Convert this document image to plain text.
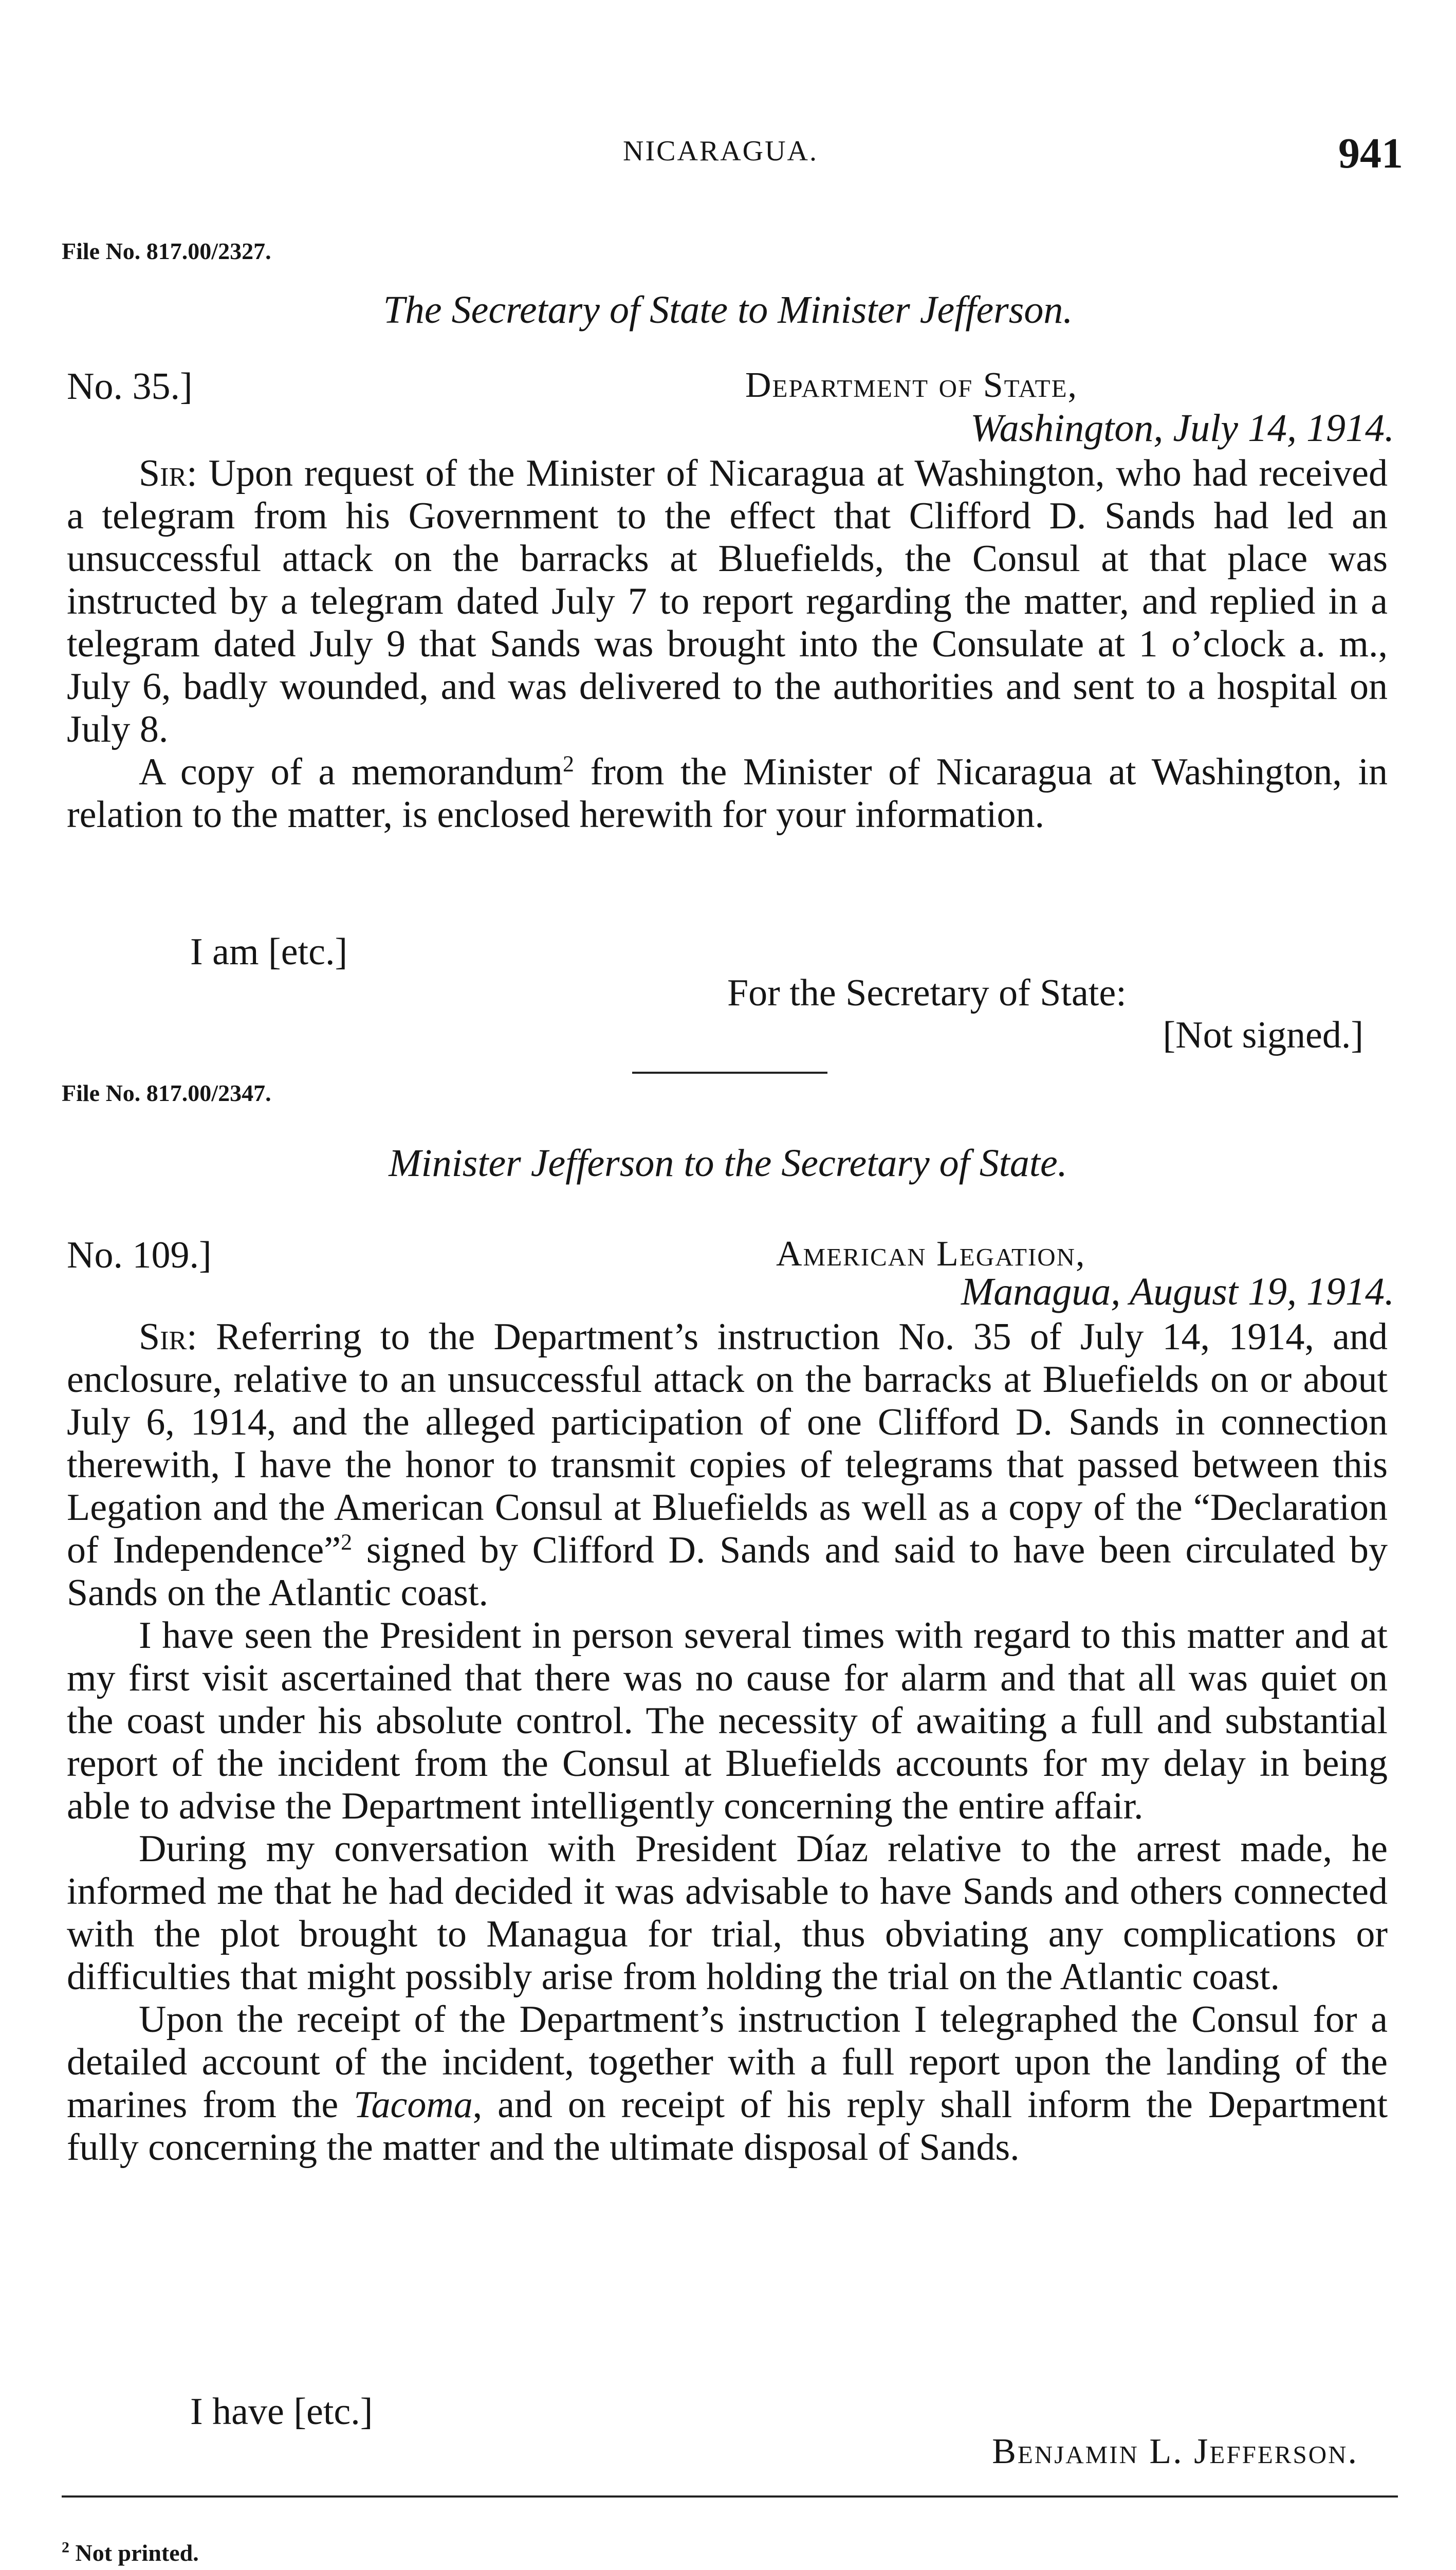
NICARAGUA.	941
File No. 817.00/2327.
The Secretary of State to Minister Jefferson.
No. 35.]	Department of State,
Washington, July 14, 1914.

Sir: Upon request of the Minister of Nicaragua at Washington, who had received a telegram from his Government to the effect that Clifford D. Sands had led an unsuccessful attack on the barracks at Bluefields, the Consul at that place was instructed by a telegram dated July 7 to report regarding the matter, and replied in a telegram dated July 9 that Sands was brought into the Consulate at 1 o’clock a. m., July 6, badly wounded, and was delivered to the authorities and sent to a hospital on July 8.

A copy of a memorandum$^2$ from the Minister of Nicaragua at Washington, in relation to the matter, is enclosed herewith for your information.

I am [etc.]
For the Secretary of State:
[Not signed.]
File No. 817.00/2347.
Minister Jefferson to the Secretary of State.
No. 109.]	American Legation,
Managua, August 19, 1914.

Sir: Referring to the Department’s instruction No. 35 of July 14, 1914, and enclosure, relative to an unsuccessful attack on the barracks at Bluefields on or about July 6, 1914, and the alleged participation of one Clifford D. Sands in connection therewith, I have the honor to transmit copies of telegrams that passed between this Legation and the American Consul at Bluefields as well as a copy of the “Declaration of Independence”$^2$ signed by Clifford D. Sands and said to have been circulated by Sands on the Atlantic coast.

I have seen the President in person several times with regard to this matter and at my first visit ascertained that there was no cause for alarm and that all was quiet on the coast under his absolute control. The necessity of awaiting a full and substantial report of the incident from the Consul at Bluefields accounts for my delay in being able to advise the Department intelligently concerning the entire affair.

During my conversation with President Díaz relative to the arrest made, he informed me that he had decided it was advisable to have Sands and others connected with the plot brought to Managua for trial, thus obviating any complications or difficulties that might possibly arise from holding the trial on the Atlantic coast.

Upon the receipt of the Department’s instruction I telegraphed the Consul for a detailed account of the incident, together with a full report upon the landing of the marines from the Tacoma, and on receipt of his reply shall inform the Department fully concerning the matter and the ultimate disposal of Sands.

I have [etc.]
Benjamin L. Jefferson.
$^2$ Not printed.
